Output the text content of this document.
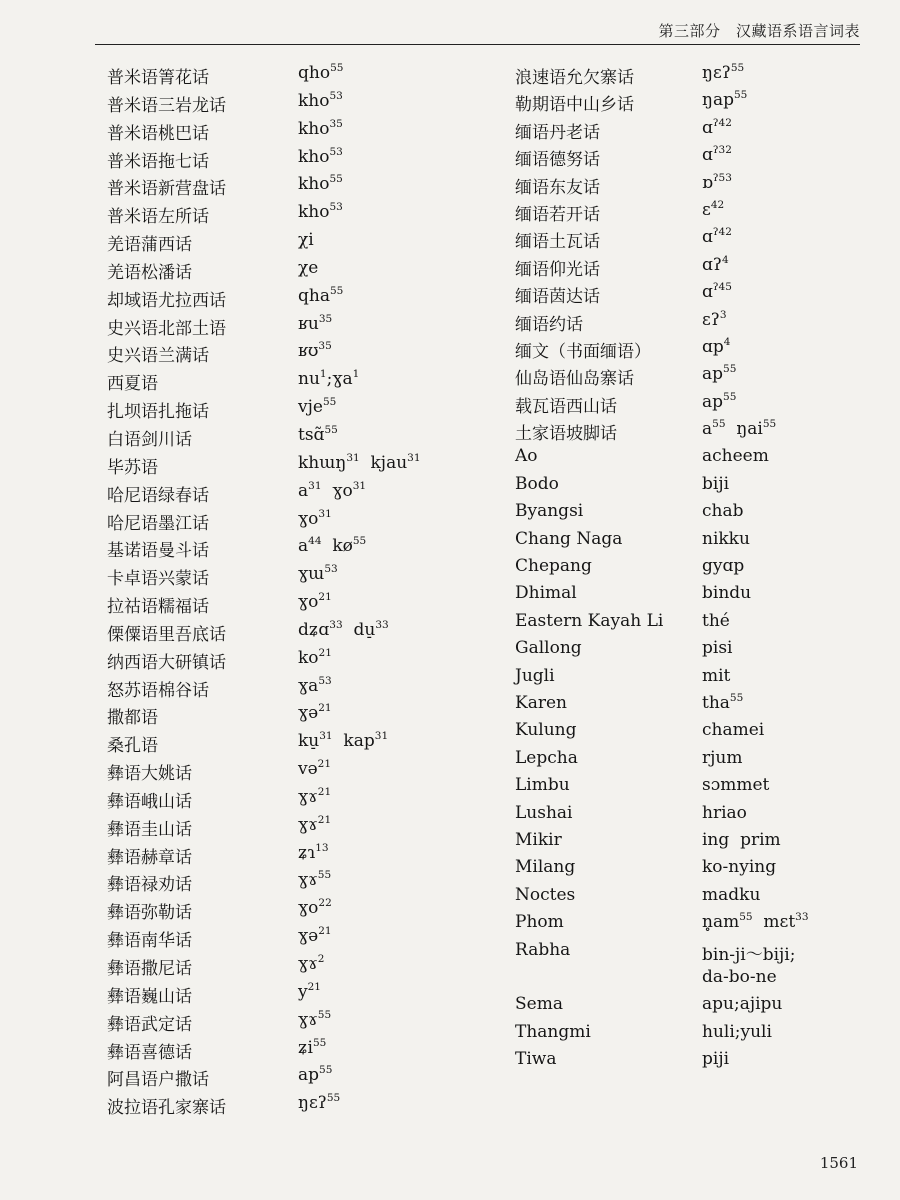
第三部分　汉藏语系语言词表
普米语箐花话	qho$^{55}$
普米语三岩龙话	kho$^{53}$
普米语桃巴话	kho$^{35}$
普米语拖七话	kho$^{53}$
普米语新营盘话	kho$^{55}$
普米语左所话	kho$^{53}$
羌语蒲西话	χi
羌语松潘话	χe
却域语尤拉西话	qha$^{55}$
史兴语北部土语	ʁu$^{35}$
史兴语兰满话	ʁʊ$^{35}$
西夏语	$nu^1;ɣa^1$
扎坝语扎拖话	vje$^{55}$
白语剑川话	tsɑ̃$^{55}$
毕苏语	khɯŋ$^{31}$  kjau$^{31}$
哈尼语绿春话	$a^{31}$  ɣo$^{31}$
哈尼语墨江话	ɣo$^{31}$
基诺语曼斗话	$a^{44}$  $kø^{55}$
卡卓语兴蒙话	ɣɯ$^{53}$
拉祜语糯福话	ɣo$^{21}$
傈僳语里吾底话	dʑɑ$^{33}$  du̠$^{33}$
纳西语大研镇话	$ko^{21}$
怒苏语棉谷话	ɣa$^{53}$
撒都语	ɣə$^{21}$
桑孔语	ku̠$^{31}$  kap$^{31}$
彝语大姚话	və$^{21}$
彝语峨山话	ɣɤ$^{21}$
彝语圭山话	ɣɤ$^{21}$
彝语赫章话	ʑɿ$^{13}$
彝语禄劝话	ɣɤ$^{55}$
彝语弥勒话	ɣo$^{22}$
彝语南华话	ɣə$^{21}$
彝语撒尼话	ɣɤ$^2$
彝语巍山话	$y^{21}$
彝语武定话	ɣɤ$^{55}$
彝语喜德话	ʑi$^{55}$
阿昌语户撒话	$ap^{55}$
波拉语孔家寨话	ŋɛʔ$^{55}$
浪速语允欠寨话	ŋɛʔ$^{55}$
勒期语中山乡话	ŋap$^{55}$
缅语丹老话	ɑ$^{ʔ42}$
缅语德努话	ɑ$^{ʔ32}$
缅语东友话	ɒ$^{ʔ53}$
缅语若开话	ɛ$^{42}$
缅语土瓦话	ɑ$^{ʔ42}$
缅语仰光话	ɑʔ$^4$
缅语茵达话	ɑ$^{ʔ45}$
缅语约话	ɛʔ$^3$
缅文（书面缅语）	ɑp$^4$
仙岛语仙岛寨话	$ap^{55}$
载瓦语西山话	$ap^{55}$
土家语坡脚话	$a^{55}$  ŋai$^{55}$
Ao	acheem
Bodo	biji
Byangsi	chab
Chang Naga	nikku
Chepang	gyɑp
Dhimal	bindu
Eastern Kayah Li	thé
Gallong	pisi
Jugli	mit
Karen	tha$^{55}$
Kulung	chamei
Lepcha	rjum
Limbu	sɔmmet
Lushai	hriao
Mikir	ing  prim
Milang	ko-nying
Noctes	madku
Phom	$n̥am^{55}$  mɛt$^{33}$
Rabha	bin-ji～biji;
da-bo-ne
Sema	apu;ajipu
Thangmi	huli;yuli
Tiwa	piji
1561
